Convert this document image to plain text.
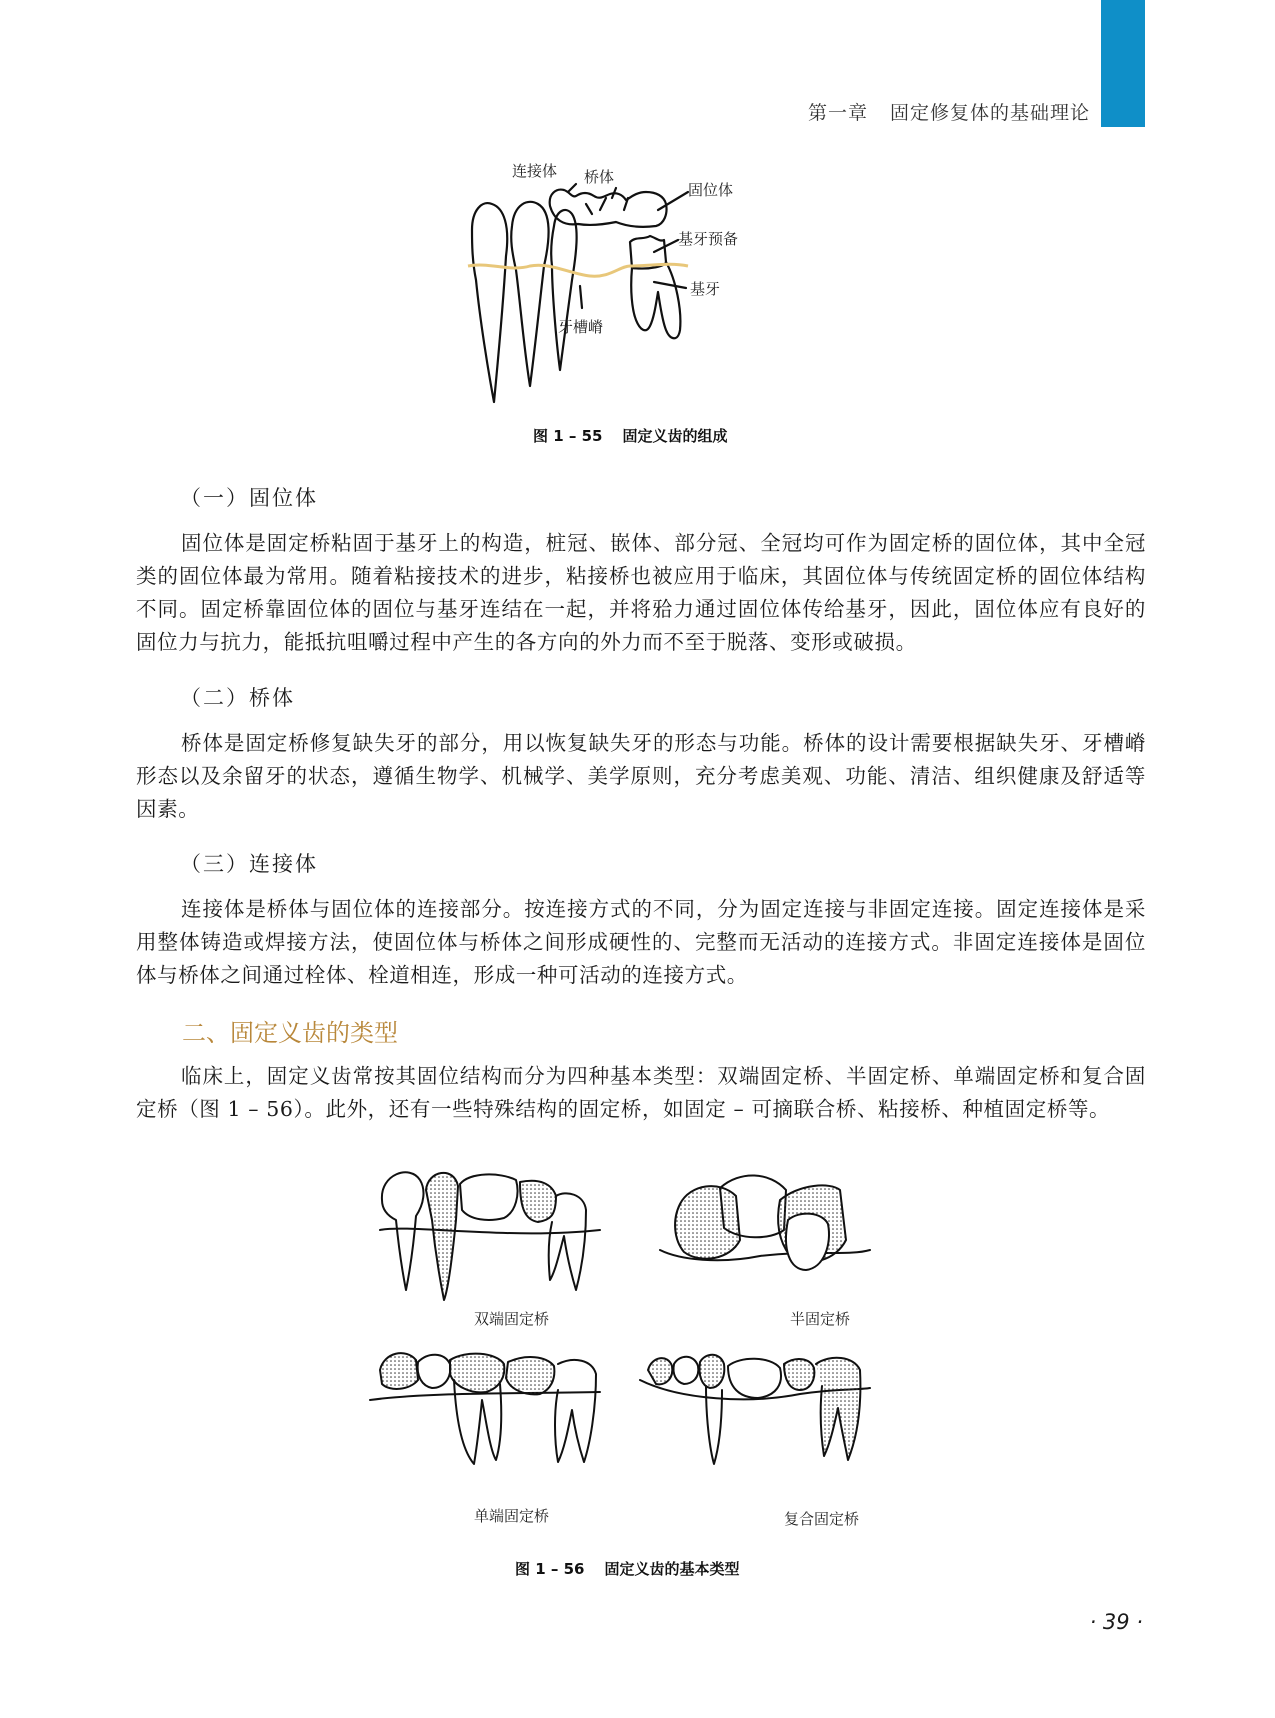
第一章 固定修复体的基础理论
连接体 桥体
固位体
基牙预备
基牙
牙槽嵴
图 1 – 55 固定义齿的组成
（一）固位体

固位体是固定桥粘固于基牙上的构造，桩冠、嵌体、部分冠、全冠均可作为固定桥的固位体，其中全冠类的固位体最为常用。随着粘接技术的进步，粘接桥也被应用于临床，其固位体与传统固定桥的固位体结构不同。固定桥靠固位体的固位与基牙连结在一起，并将𬌗力通过固位体传给基牙，因此，固位体应有良好的固位力与抗力，能抵抗咀嚼过程中产生的各方向的外力而不至于脱落、变形或破损。

（二）桥体

桥体是固定桥修复缺失牙的部分，用以恢复缺失牙的形态与功能。桥体的设计需要根据缺失牙、牙槽嵴形态以及余留牙的状态，遵循生物学、机械学、美学原则，充分考虑美观、功能、清洁、组织健康及舒适等因素。

（三）连接体

连接体是桥体与固位体的连接部分。按连接方式的不同，分为固定连接与非固定连接。固定连接体是采用整体铸造或焊接方法，使固位体与桥体之间形成硬性的、完整而无活动的连接方式。非固定连接体是固位体与桥体之间通过栓体、栓道相连，形成一种可活动的连接方式。

二、固定义齿的类型

临床上，固定义齿常按其固位结构而分为四种基本类型：双端固定桥、半固定桥、单端固定桥和复合固定桥（图 1 – 56）。此外，还有一些特殊结构的固定桥，如固定 – 可摘联合桥、粘接桥、种植固定桥等。

双端固定桥	半固定桥
单端固定桥	复合固定桥
图 1 – 56 固定义齿的基本类型
· 39 ·
